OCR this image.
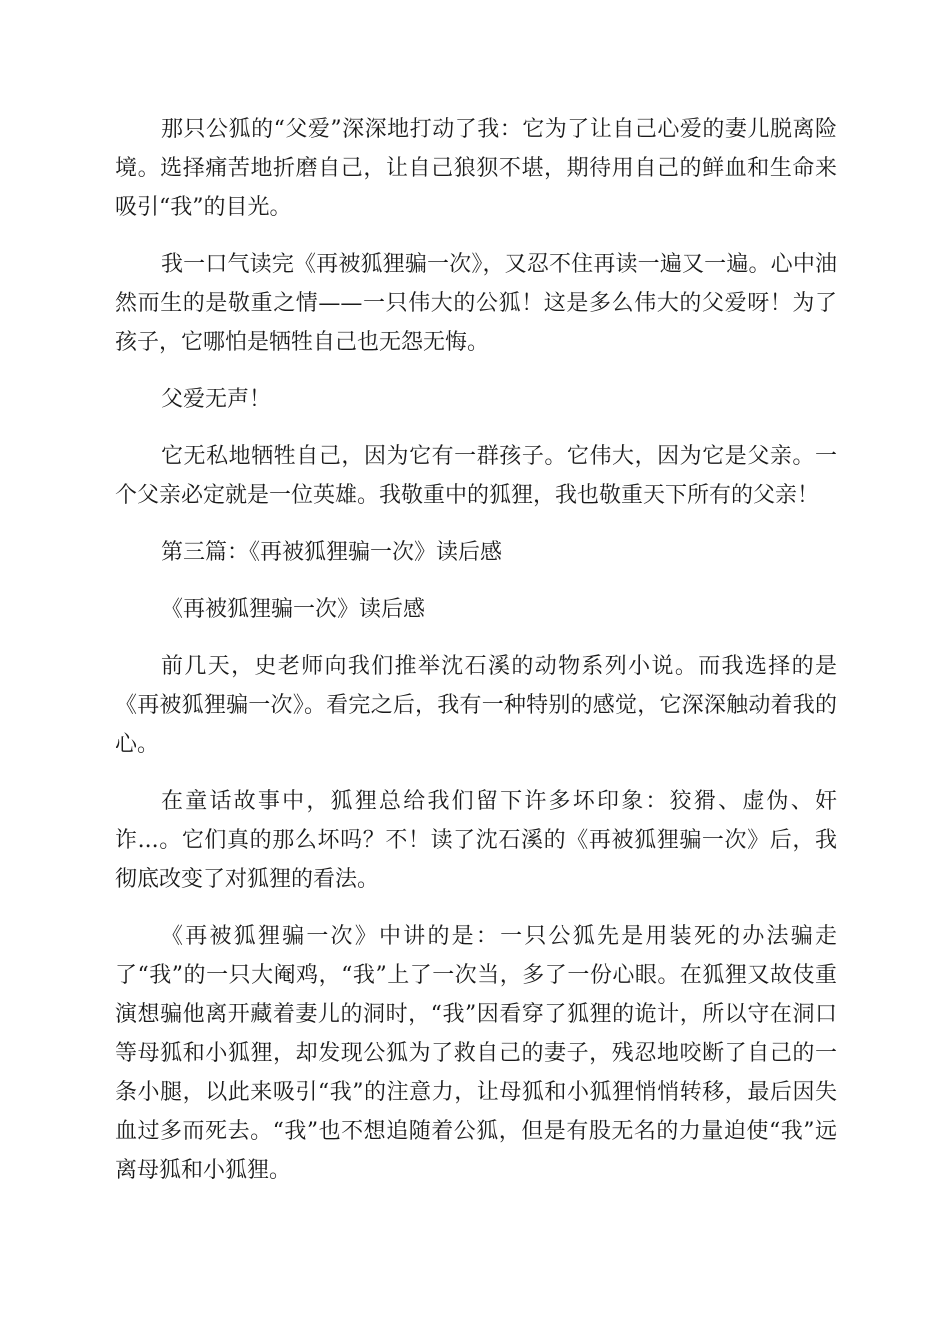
那只公狐的“父爱”深深地打动了我：它为了让自己心爱的妻儿脱离险境。选择痛苦地折磨自己，让自己狼狈不堪，期待用自己的鲜血和生命来吸引“我”的目光。

我一口气读完《再被狐狸骗一次》，又忍不住再读一遍又一遍。心中油然而生的是敬重之情——一只伟大的公狐！这是多么伟大的父爱呀！为了孩子，它哪怕是牺牲自己也无怨无悔。

父爱无声！

它无私地牺牲自己，因为它有一群孩子。它伟大，因为它是父亲。一个父亲必定就是一位英雄。我敬重中的狐狸，我也敬重天下所有的父亲！

第三篇：《再被狐狸骗一次》读后感

《再被狐狸骗一次》读后感

前几天，史老师向我们推举沈石溪的动物系列小说。而我选择的是《再被狐狸骗一次》。看完之后，我有一种特别的感觉，它深深触动着我的心。

在童话故事中，狐狸总给我们留下许多坏印象：狡猾、虚伪、奸诈...。它们真的那么坏吗？不！读了沈石溪的《再被狐狸骗一次》后，我彻底改变了对狐狸的看法。

《再被狐狸骗一次》中讲的是：一只公狐先是用装死的办法骗走了“我”的一只大阉鸡，“我”上了一次当，多了一份心眼。在狐狸又故伎重演想骗他离开藏着妻儿的洞时，“我”因看穿了狐狸的诡计，所以守在洞口等母狐和小狐狸，却发现公狐为了救自己的妻子，残忍地咬断了自己的一条小腿，以此来吸引“我”的注意力，让母狐和小狐狸悄悄转移，最后因失血过多而死去。“我”也不想追随着公狐，但是有股无名的力量迫使“我”远离母狐和小狐狸。
